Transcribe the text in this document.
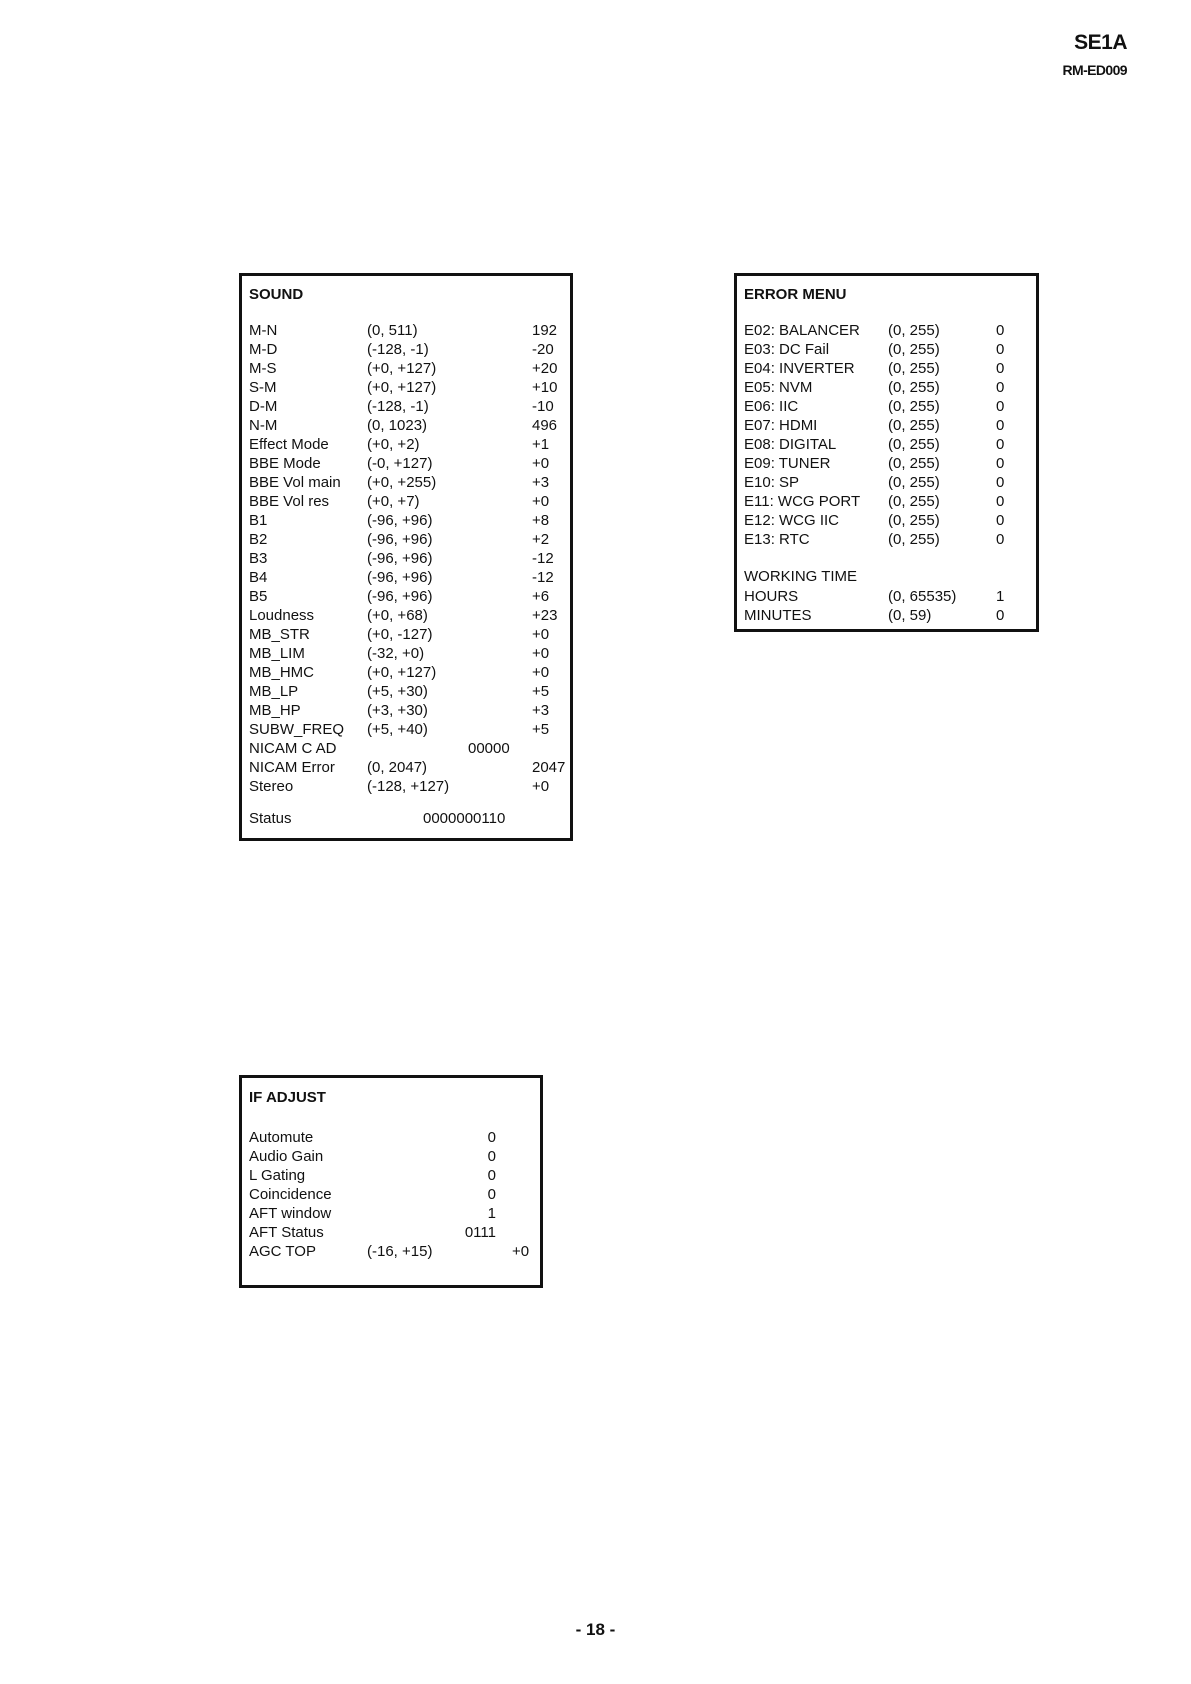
SE1A
RM-ED009
SOUND
M-N	(0, 511)	192
M-D	(-128, -1)	-20
M-S	(+0, +127)	+20
S-M	(+0, +127)	+10
D-M	(-128, -1)	-10
N-M	(0, 1023)	496
Effect Mode	(+0, +2)	+1
BBE Mode	(-0, +127)	+0
BBE Vol main (+0, +255)	+3
BBE Vol res	(+0, +7)	+0
B1	(-96, +96)	+8
B2	(-96, +96)	+2
B3	(-96, +96)	-12
B4	(-96, +96)	-12
B5	(-96, +96)	+6
Loudness	(+0, +68)	+23
MB_STR	(+0, -127)	+0
MB_LIM	(-32, +0)	+0
MB_HMC	(+0, +127)	+0
MB_LP	(+5, +30)	+5
MB_HP	(+3, +30)	+3
SUBW_FREQ (+5, +40)	+5
NICAM C AD	00000
NICAM Error (0, 2047)	2047
Stereo	(-128, +127)	+0
Status	0000000110
ERROR MENU
E02: BALANCER (0, 255)	0
E03: DC Fail	(0, 255)	0
E04: INVERTER (0, 255)	0
E05: NVM	(0, 255)	0
E06: IIC	(0, 255)	0
E07: HDMI	(0, 255)	0
E08: DIGITAL	(0, 255)	0
E09: TUNER	(0, 255)	0
E10: SP	(0, 255)	0
E11: WCG PORT (0, 255)	0
E12: WCG IIC	(0, 255)	0
E13: RTC	(0, 255)	0
WORKING TIME
HOURS	(0, 65535)	1
MINUTES	(0, 59)	0
IF ADJUST
Automute	0
Audio Gain	0
L Gating	0
Coincidence	0
AFT window	1
AFT Status	0111
AGC TOP	(-16, +15)	+0
- 18 -
